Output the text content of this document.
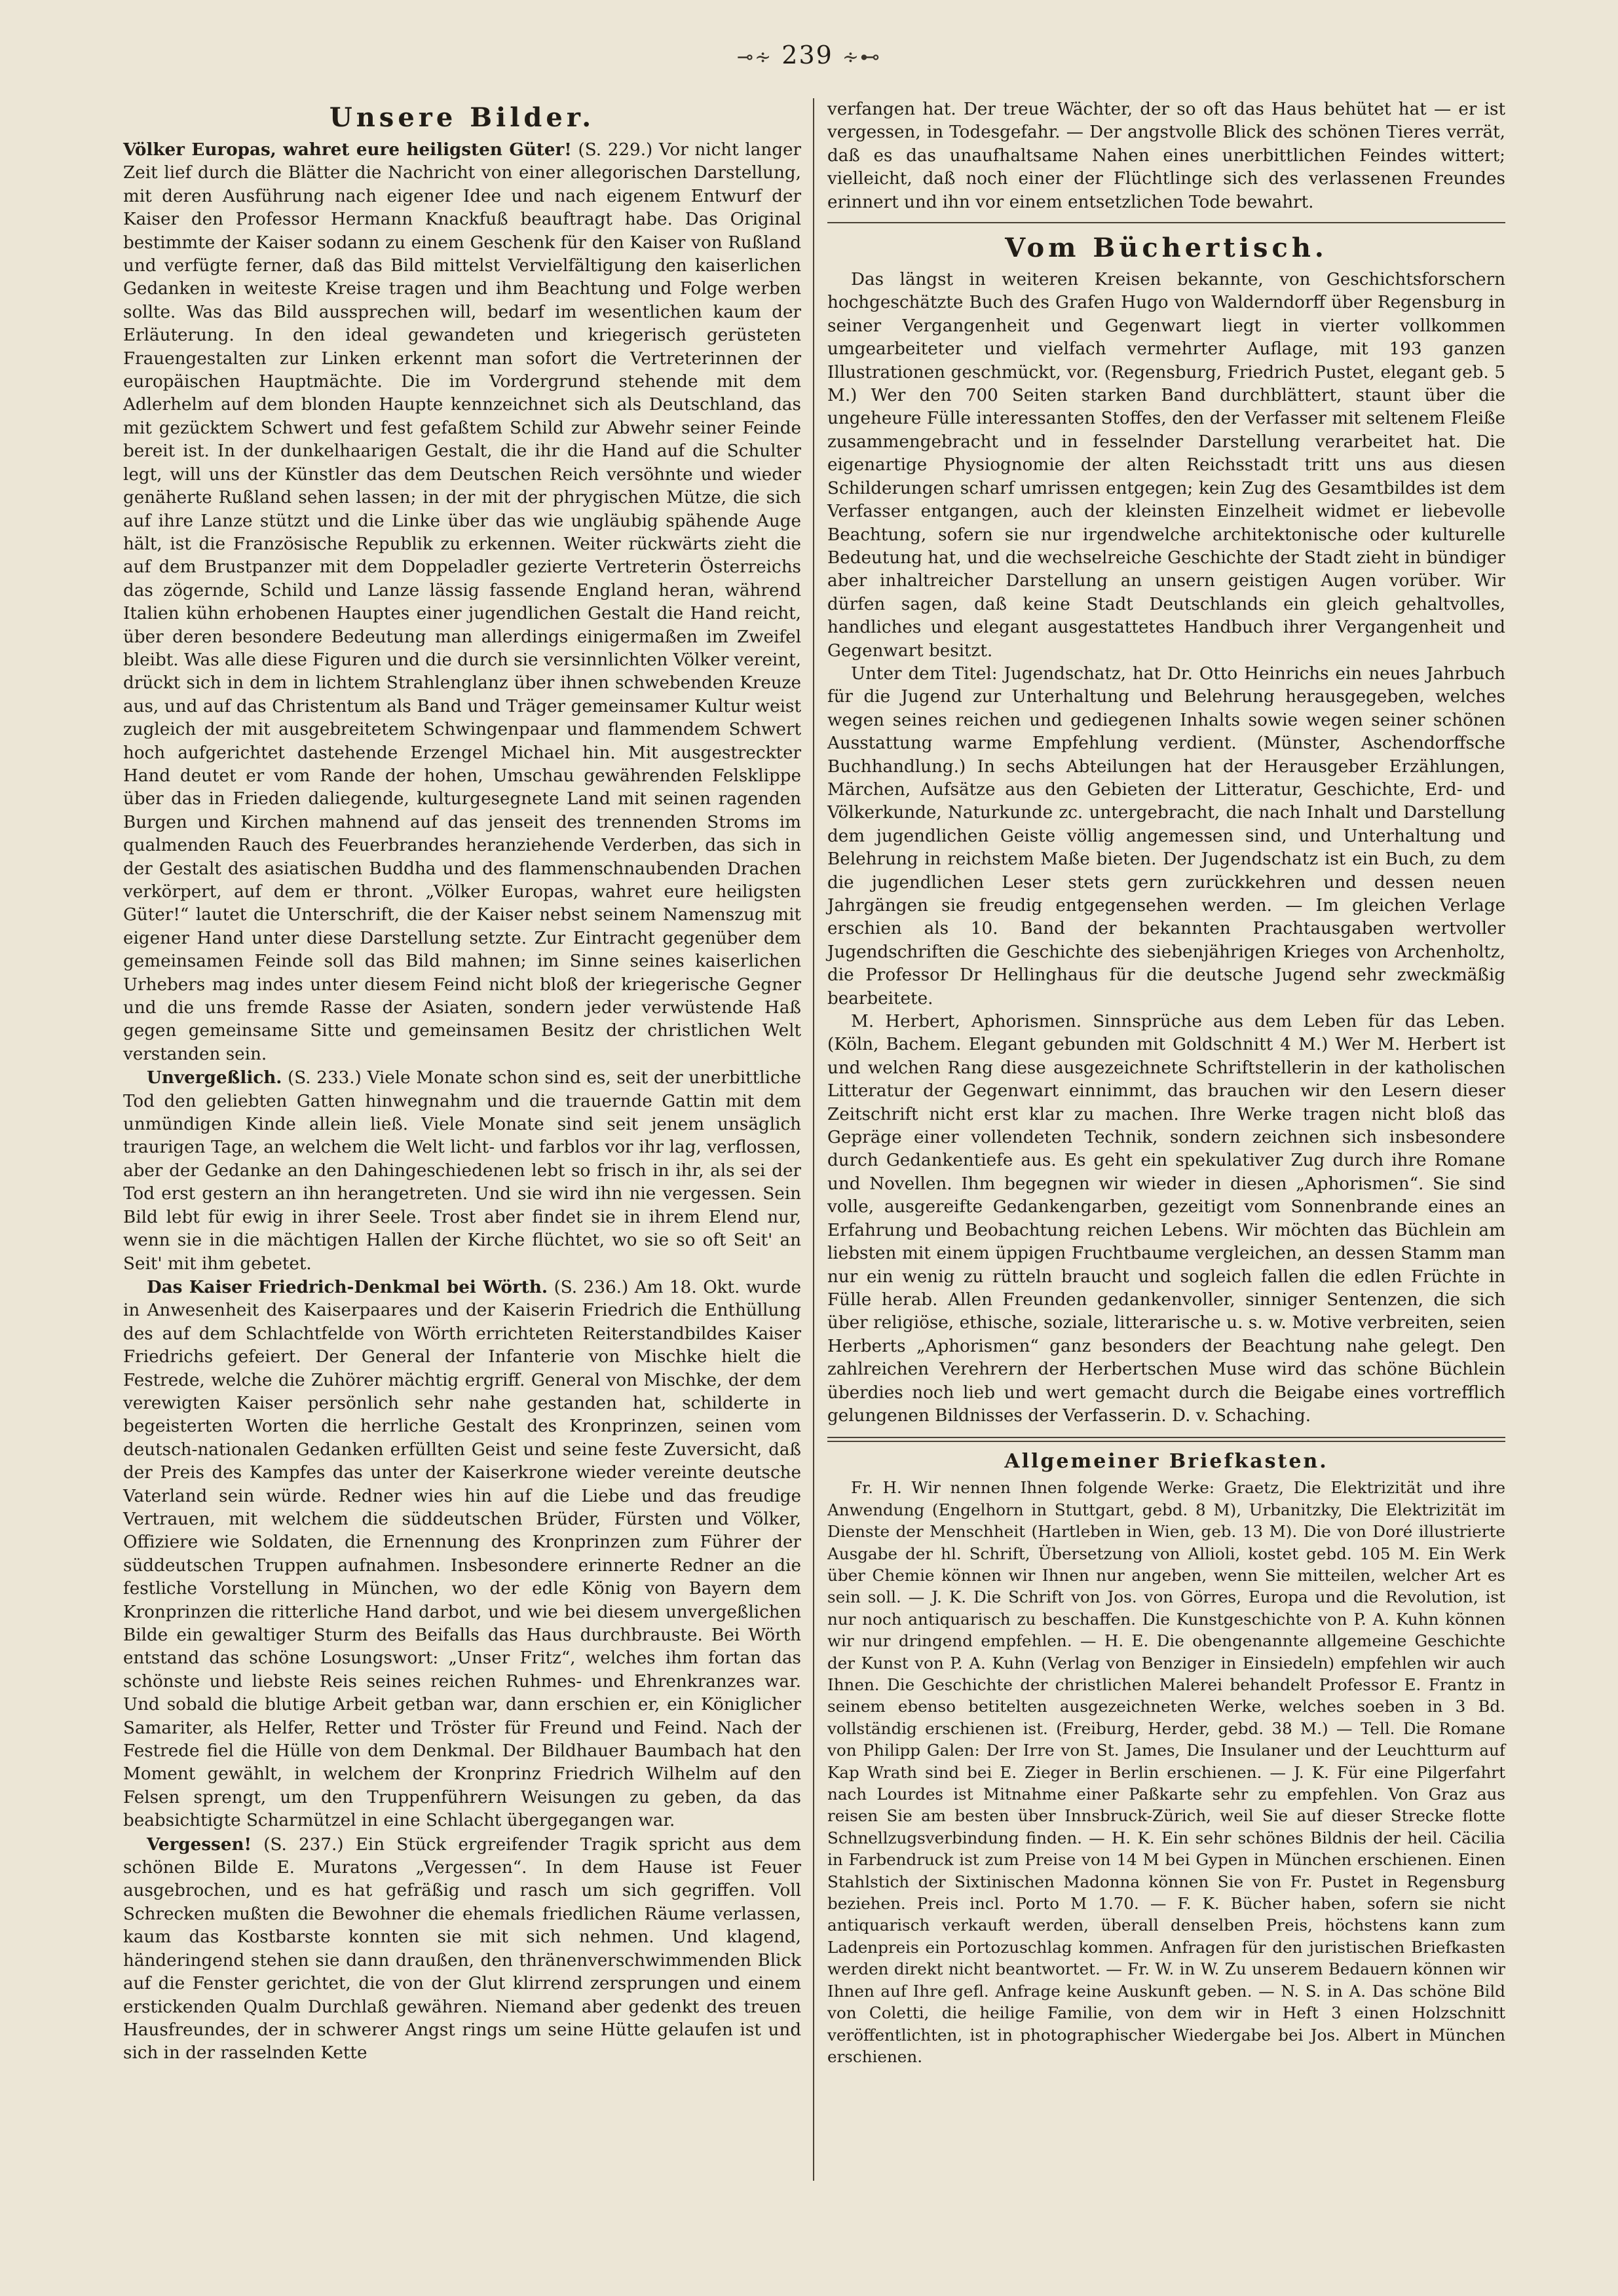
⊸∻ 239 ∻⊷
Unsere Bilder.

Völker Europas, wahret eure heiligsten Güter! (S. 229.) Vor nicht langer Zeit lief durch die Blätter die Nachricht von einer allegorischen Darstellung, mit deren Ausführung nach eigener Idee und nach eigenem Entwurf der Kaiser den Professor Hermann Knackfuß beauftragt habe. Das Original bestimmte der Kaiser sodann zu einem Geschenk für den Kaiser von Rußland und verfügte ferner, daß das Bild mittelst Vervielfältigung den kaiserlichen Gedanken in weiteste Kreise tragen und ihm Beachtung und Folge werben sollte. Was das Bild aussprechen will, bedarf im wesentlichen kaum der Erläuterung. In den ideal gewandeten und kriegerisch gerüsteten Frauengestalten zur Linken erkennt man sofort die Vertreterinnen der europäischen Hauptmächte. Die im Vordergrund stehende mit dem Adlerhelm auf dem blonden Haupte kennzeichnet sich als Deutschland, das mit gezücktem Schwert und fest gefaßtem Schild zur Abwehr seiner Feinde bereit ist. In der dunkelhaarigen Gestalt, die ihr die Hand auf die Schulter legt, will uns der Künstler das dem Deutschen Reich versöhnte und wieder genäherte Rußland sehen lassen; in der mit der phrygischen Mütze, die sich auf ihre Lanze stützt und die Linke über das wie ungläubig spähende Auge hält, ist die Französische Republik zu erkennen. Weiter rückwärts zieht die auf dem Brustpanzer mit dem Doppeladler gezierte Vertreterin Österreichs das zögernde, Schild und Lanze lässig fassende England heran, während Italien kühn erhobenen Hauptes einer jugendlichen Gestalt die Hand reicht, über deren besondere Bedeutung man allerdings einigermaßen im Zweifel bleibt. Was alle diese Figuren und die durch sie versinnlichten Völker vereint, drückt sich in dem in lichtem Strahlenglanz über ihnen schwebenden Kreuze aus, und auf das Christentum als Band und Träger gemeinsamer Kultur weist zugleich der mit ausgebreitetem Schwingenpaar und flammendem Schwert hoch aufgerichtet dastehende Erzengel Michael hin. Mit ausgestreckter Hand deutet er vom Rande der hohen, Umschau gewährenden Felsklippe über das in Frieden daliegende, kulturgesegnete Land mit seinen ragenden Burgen und Kirchen mahnend auf das jenseit des trennenden Stroms im qualmenden Rauch des Feuerbrandes heranziehende Verderben, das sich in der Gestalt des asiatischen Buddha und des flammenschnaubenden Drachen verkörpert, auf dem er thront. „Völker Europas, wahret eure heiligsten Güter!“ lautet die Unterschrift, die der Kaiser nebst seinem Namenszug mit eigener Hand unter diese Darstellung setzte. Zur Eintracht gegenüber dem gemeinsamen Feinde soll das Bild mahnen; im Sinne seines kaiserlichen Urhebers mag indes unter diesem Feind nicht bloß der kriegerische Gegner und die uns fremde Rasse der Asiaten, sondern jeder verwüstende Haß gegen gemeinsame Sitte und gemeinsamen Besitz der christlichen Welt verstanden sein.

Unvergeßlich. (S. 233.) Viele Monate schon sind es, seit der unerbittliche Tod den geliebten Gatten hinwegnahm und die trauernde Gattin mit dem unmündigen Kinde allein ließ. Viele Monate sind seit jenem unsäglich traurigen Tage, an welchem die Welt licht- und farblos vor ihr lag, verflossen, aber der Gedanke an den Dahingeschiedenen lebt so frisch in ihr, als sei der Tod erst gestern an ihn herangetreten. Und sie wird ihn nie vergessen. Sein Bild lebt für ewig in ihrer Seele. Trost aber findet sie in ihrem Elend nur, wenn sie in die mächtigen Hallen der Kirche flüchtet, wo sie so oft Seit' an Seit' mit ihm gebetet.

Das Kaiser Friedrich-Denkmal bei Wörth. (S. 236.) Am 18. Okt. wurde in Anwesenheit des Kaiserpaares und der Kaiserin Friedrich die Enthüllung des auf dem Schlachtfelde von Wörth errichteten Reiterstandbildes Kaiser Friedrichs gefeiert. Der General der Infanterie von Mischke hielt die Festrede, welche die Zuhörer mächtig ergriff. General von Mischke, der dem verewigten Kaiser persönlich sehr nahe gestanden hat, schilderte in begeisterten Worten die herrliche Gestalt des Kronprinzen, seinen vom deutsch-nationalen Gedanken erfüllten Geist und seine feste Zuversicht, daß der Preis des Kampfes das unter der Kaiserkrone wieder vereinte deutsche Vaterland sein würde. Redner wies hin auf die Liebe und das freudige Vertrauen, mit welchem die süddeutschen Brüder, Fürsten und Völker, Offiziere wie Soldaten, die Ernennung des Kronprinzen zum Führer der süddeutschen Truppen aufnahmen. Insbesondere erinnerte Redner an die festliche Vorstellung in München, wo der edle König von Bayern dem Kronprinzen die ritterliche Hand darbot, und wie bei diesem unvergeßlichen Bilde ein gewaltiger Sturm des Beifalls das Haus durchbrauste. Bei Wörth entstand das schöne Losungswort: „Unser Fritz“, welches ihm fortan das schönste und liebste Reis seines reichen Ruhmes- und Ehrenkranzes war. Und sobald die blutige Arbeit getban war, dann erschien er, ein Königlicher Samariter, als Helfer, Retter und Tröster für Freund und Feind. Nach der Festrede fiel die Hülle von dem Denkmal. Der Bildhauer Baumbach hat den Moment gewählt, in welchem der Kronprinz Friedrich Wilhelm auf den Felsen sprengt, um den Truppenführern Weisungen zu geben, da das beabsichtigte Scharmützel in eine Schlacht übergegangen war.

Vergessen! (S. 237.) Ein Stück ergreifender Tragik spricht aus dem schönen Bilde E. Muratons „Vergessen“. In dem Hause ist Feuer ausgebrochen, und es hat gefräßig und rasch um sich gegriffen. Voll Schrecken mußten die Bewohner die ehemals friedlichen Räume verlassen, kaum das Kostbarste konnten sie mit sich nehmen. Und klagend, händeringend stehen sie dann draußen, den thränenverschwimmenden Blick auf die Fenster gerichtet, die von der Glut klirrend zersprungen und einem erstickenden Qualm Durchlaß gewähren. Niemand aber gedenkt des treuen Hausfreundes, der in schwerer Angst rings um seine Hütte gelaufen ist und sich in der rasselnden Kette

verfangen hat. Der treue Wächter, der so oft das Haus behütet hat — er ist vergessen, in Todesgefahr. — Der angstvolle Blick des schönen Tieres verrät, daß es das unaufhaltsame Nahen eines unerbittlichen Feindes wittert; vielleicht, daß noch einer der Flüchtlinge sich des verlassenen Freundes erinnert und ihn vor einem entsetzlichen Tode bewahrt.

Vom Büchertisch.

Das längst in weiteren Kreisen bekannte, von Geschichtsforschern hochgeschätzte Buch des Grafen Hugo von Walderndorff über Regensburg in seiner Vergangenheit und Gegenwart liegt in vierter vollkommen umgearbeiteter und vielfach vermehrter Auflage, mit 193 ganzen Illustrationen geschmückt, vor. (Regensburg, Friedrich Pustet, elegant geb. 5 M.) Wer den 700 Seiten starken Band durchblättert, staunt über die ungeheure Fülle interessanten Stoffes, den der Verfasser mit seltenem Fleiße zusammengebracht und in fesselnder Darstellung verarbeitet hat. Die eigenartige Physiognomie der alten Reichsstadt tritt uns aus diesen Schilderungen scharf umrissen entgegen; kein Zug des Gesamtbildes ist dem Verfasser entgangen, auch der kleinsten Einzelheit widmet er liebevolle Beachtung, sofern sie nur irgendwelche architektonische oder kulturelle Bedeutung hat, und die wechselreiche Geschichte der Stadt zieht in bündiger aber inhaltreicher Darstellung an unsern geistigen Augen vorüber. Wir dürfen sagen, daß keine Stadt Deutschlands ein gleich gehaltvolles, handliches und elegant ausgestattetes Handbuch ihrer Vergangenheit und Gegenwart besitzt.

Unter dem Titel: Jugendschatz, hat Dr. Otto Heinrichs ein neues Jahrbuch für die Jugend zur Unterhaltung und Belehrung herausgegeben, welches wegen seines reichen und gediegenen Inhalts sowie wegen seiner schönen Ausstattung warme Empfehlung verdient. (Münster, Aschendorffsche Buchhandlung.) In sechs Abteilungen hat der Herausgeber Erzählungen, Märchen, Aufsätze aus den Gebieten der Litteratur, Geschichte, Erd- und Völkerkunde, Naturkunde zc. untergebracht, die nach Inhalt und Darstellung dem jugendlichen Geiste völlig angemessen sind, und Unterhaltung und Belehrung in reichstem Maße bieten. Der Jugendschatz ist ein Buch, zu dem die jugendlichen Leser stets gern zurückkehren und dessen neuen Jahrgängen sie freudig entgegensehen werden. — Im gleichen Verlage erschien als 10. Band der bekannten Prachtausgaben wertvoller Jugendschriften die Geschichte des siebenjährigen Krieges von Archenholtz, die Professor Dr Hellinghaus für die deutsche Jugend sehr zweckmäßig bearbeitete.

M. Herbert, Aphorismen. Sinnsprüche aus dem Leben für das Leben. (Köln, Bachem. Elegant gebunden mit Goldschnitt 4 M.) Wer M. Herbert ist und welchen Rang diese ausgezeichnete Schriftstellerin in der katholischen Litteratur der Gegenwart einnimmt, das brauchen wir den Lesern dieser Zeitschrift nicht erst klar zu machen. Ihre Werke tragen nicht bloß das Gepräge einer vollendeten Technik, sondern zeichnen sich insbesondere durch Gedankentiefe aus. Es geht ein spekulativer Zug durch ihre Romane und Novellen. Ihm begegnen wir wieder in diesen „Aphorismen“. Sie sind volle, ausgereifte Gedankengarben, gezeitigt vom Sonnenbrande eines an Erfahrung und Beobachtung reichen Lebens. Wir möchten das Büchlein am liebsten mit einem üppigen Fruchtbaume vergleichen, an dessen Stamm man nur ein wenig zu rütteln braucht und sogleich fallen die edlen Früchte in Fülle herab. Allen Freunden gedankenvoller, sinniger Sentenzen, die sich über religiöse, ethische, soziale, litterarische u. s. w. Motive verbreiten, seien Herberts „Aphorismen“ ganz besonders der Beachtung nahe gelegt. Den zahlreichen Verehrern der Herbertschen Muse wird das schöne Büchlein überdies noch lieb und wert gemacht durch die Beigabe eines vortrefflich gelungenen Bildnisses der Verfasserin. D. v. Schaching.

Allgemeiner Briefkasten.

Fr. H. Wir nennen Ihnen folgende Werke: Graetz, Die Elektrizität und ihre Anwendung (Engelhorn in Stuttgart, gebd. 8 M), Urbanitzky, Die Elektrizität im Dienste der Menschheit (Hartleben in Wien, geb. 13 M). Die von Doré illustrierte Ausgabe der hl. Schrift, Übersetzung von Allioli, kostet gebd. 105 M. Ein Werk über Chemie können wir Ihnen nur angeben, wenn Sie mitteilen, welcher Art es sein soll. — J. K. Die Schrift von Jos. von Görres, Europa und die Revolution, ist nur noch antiquarisch zu beschaffen. Die Kunstgeschichte von P. A. Kuhn können wir nur dringend empfehlen. — H. E. Die obengenannte allgemeine Geschichte der Kunst von P. A. Kuhn (Verlag von Benziger in Einsiedeln) empfehlen wir auch Ihnen. Die Geschichte der christlichen Malerei behandelt Professor E. Frantz in seinem ebenso betitelten ausgezeichneten Werke, welches soeben in 3 Bd. vollständig erschienen ist. (Freiburg, Herder, gebd. 38 M.) — Tell. Die Romane von Philipp Galen: Der Irre von St. James, Die Insulaner und der Leuchtturm auf Kap Wrath sind bei E. Zieger in Berlin erschienen. — J. K. Für eine Pilgerfahrt nach Lourdes ist Mitnahme einer Paßkarte sehr zu empfehlen. Von Graz aus reisen Sie am besten über Innsbruck-Zürich, weil Sie auf dieser Strecke flotte Schnellzugsverbindung finden. — H. K. Ein sehr schönes Bildnis der heil. Cäcilia in Farbendruck ist zum Preise von 14 M bei Gypen in München erschienen. Einen Stahlstich der Sixtinischen Madonna können Sie von Fr. Pustet in Regensburg beziehen. Preis incl. Porto M 1.70. — F. K. Bücher haben, sofern sie nicht antiquarisch verkauft werden, überall denselben Preis, höchstens kann zum Ladenpreis ein Portozuschlag kommen. Anfragen für den juristischen Briefkasten werden direkt nicht beantwortet. — Fr. W. in W. Zu unserem Bedauern können wir Ihnen auf Ihre gefl. Anfrage keine Auskunft geben. — N. S. in A. Das schöne Bild von Coletti, die heilige Familie, von dem wir in Heft 3 einen Holzschnitt veröffentlichten, ist in photographischer Wiedergabe bei Jos. Albert in München erschienen.
